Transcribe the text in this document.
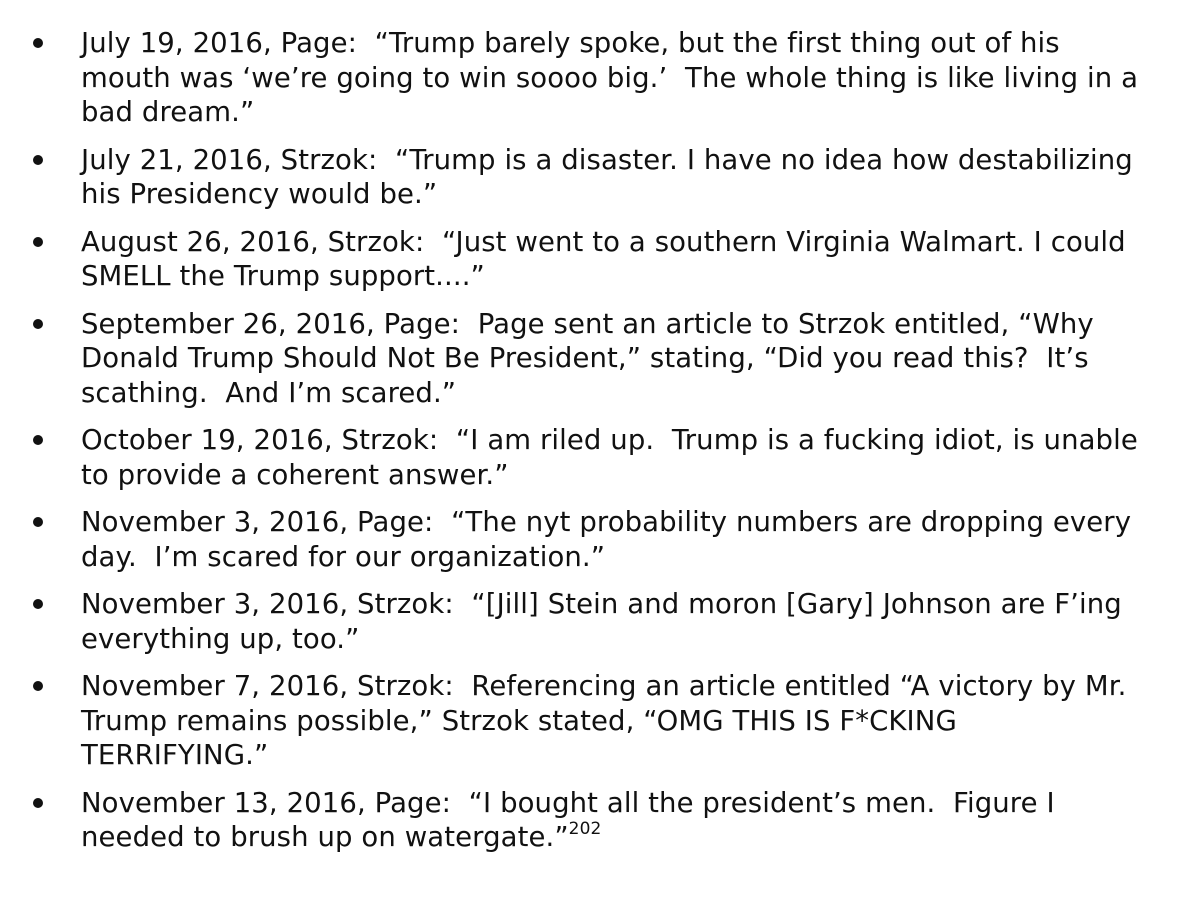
July 19, 2016, Page:  “Trump barely spoke, but the first thing out of his mouth was ‘we’re going to win soooo big.’  The whole thing is like living in a bad dream.”
July 21, 2016, Strzok:  “Trump is a disaster. I have no idea how destabilizing his Presidency would be.”
August 26, 2016, Strzok:  “Just went to a southern Virginia Walmart. I could SMELL the Trump support....”
September 26, 2016, Page:  Page sent an article to Strzok entitled, “Why Donald Trump Should Not Be President,” stating, “Did you read this?  It’s scathing.  And I’m scared.”
October 19, 2016, Strzok:  “I am riled up.  Trump is a fucking idiot, is unable to provide a coherent answer.”
November 3, 2016, Page:  “The nyt probability numbers are dropping every day.  I’m scared for our organization.”
November 3, 2016, Strzok:  “[Jill] Stein and moron [Gary] Johnson are F’ing everything up, too.”
November 7, 2016, Strzok:  Referencing an article entitled “A victory by Mr. Trump remains possible,” Strzok stated, “OMG THIS IS F*CKING TERRIFYING.”
November 13, 2016, Page:  “I bought all the president’s men.  Figure I needed to brush up on watergate.”$^{202}$
